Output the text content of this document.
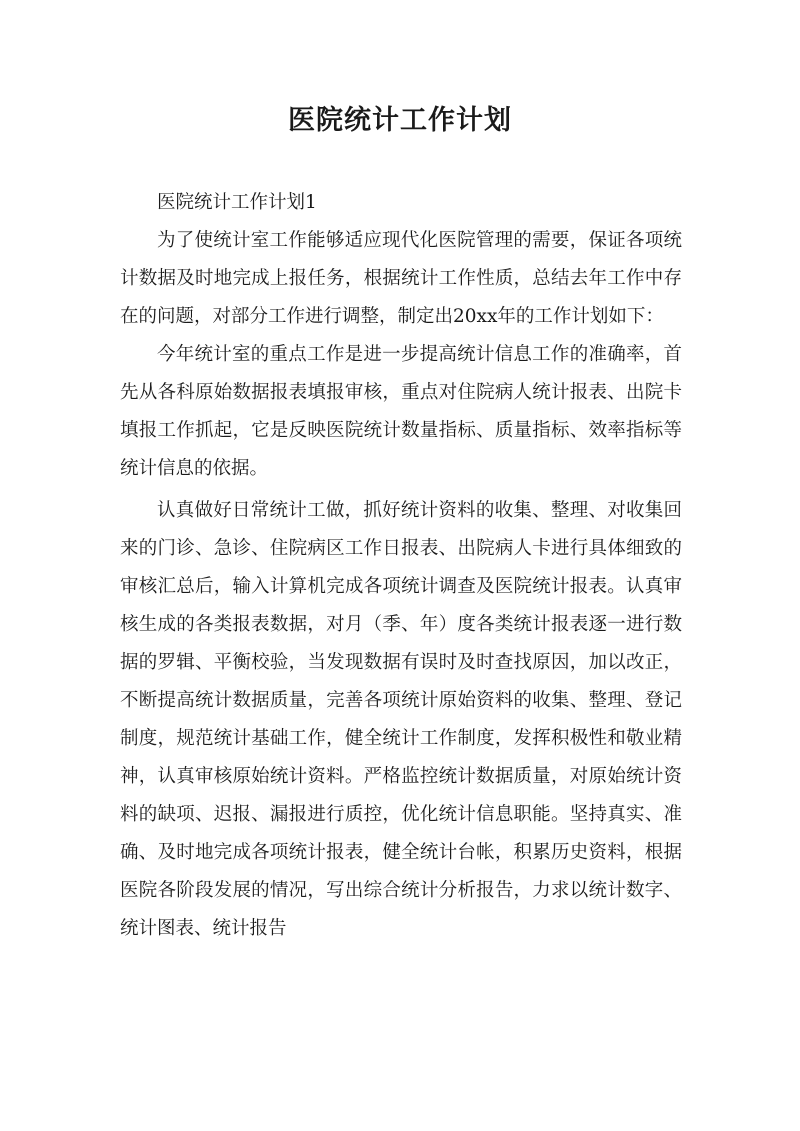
医院统计工作计划

医院统计工作计划1

为了使统计室工作能够适应现代化医院管理的需要，保证各项统计数据及时地完成上报任务，根据统计工作性质，总结去年工作中存在的问题，对部分工作进行调整，制定出20xx年的工作计划如下：

今年统计室的重点工作是进一步提高统计信息工作的准确率，首先从各科原始数据报表填报审核，重点对住院病人统计报表、出院卡填报工作抓起，它是反映医院统计数量指标、质量指标、效率指标等统计信息的依据。

认真做好日常统计工做，抓好统计资料的收集、整理、对收集回来的门诊、急诊、住院病区工作日报表、出院病人卡进行具体细致的审核汇总后，输入计算机完成各项统计调查及医院统计报表。认真审核生成的各类报表数据，对月（季、年）度各类统计报表逐一进行数据的罗辑、平衡校验，当发现数据有误时及时查找原因，加以改正，不断提高统计数据质量，完善各项统计原始资料的收集、整理、登记制度，规范统计基础工作，健全统计工作制度，发挥积极性和敬业精神，认真审核原始统计资料。严格监控统计数据质量，对原始统计资料的缺项、迟报、漏报进行质控，优化统计信息职能。坚持真实、准确、及时地完成各项统计报表，健全统计台帐，积累历史资料，根据医院各阶段发展的情况，写出综合统计分析报告，力求以统计数字、统计图表、统计报告
